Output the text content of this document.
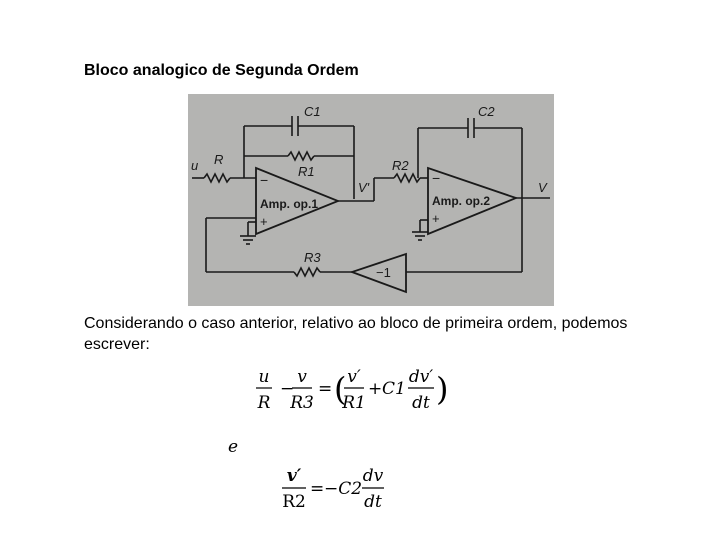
Bloco analogico de Segunda Ordem
u R
R1
C1
V'
R2
C2
V
R3
−
+
Amp. op.1
−
+
Amp. op.2
−1
Considerando o caso anterior, relativo ao bloco de primeira ordem, podemos escrever:
u
R
−
v
R3
= ( v′
R1
+ C1
dv′
dt )
e
v′
R2
= −C2
dv
dt
